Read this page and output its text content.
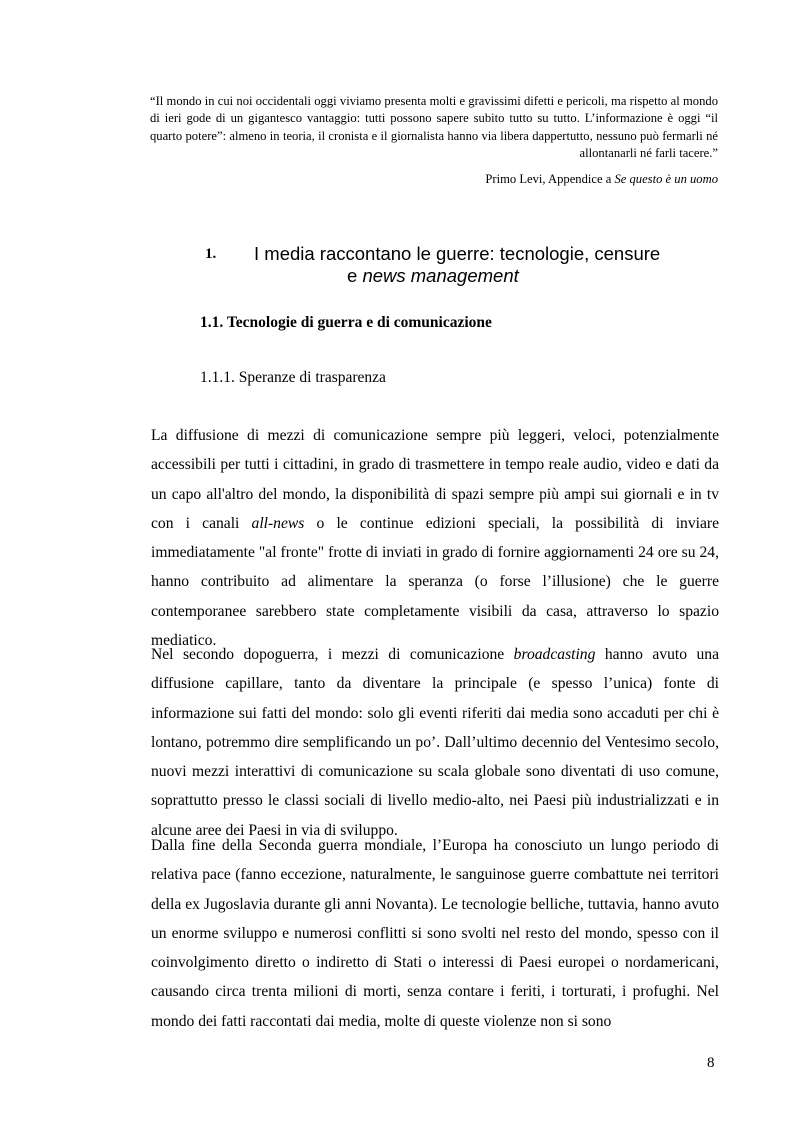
“Il mondo in cui noi occidentali oggi viviamo presenta molti e gravissimi difetti e pericoli, ma rispetto al mondo di ieri gode di un gigantesco vantaggio: tutti possono sapere subito tutto su tutto. L’informazione è oggi “il quarto potere”: almeno in teoria, il cronista e il giornalista hanno via libera dappertutto, nessuno può fermarli né allontanarli né farli tacere.”
Primo Levi, Appendice a Se questo è un uomo
1. I media raccontano le guerre: tecnologie, censure
e news management
1.1. Tecnologie di guerra e di comunicazione
1.1.1. Speranze di trasparenza
La diffusione di mezzi di comunicazione sempre più leggeri, veloci, potenzialmente accessibili per tutti i cittadini, in grado di trasmettere in tempo reale audio, video e dati da un capo all'altro del mondo, la disponibilità di spazi sempre più ampi sui giornali e in tv con i canali all-news o le continue edizioni speciali, la possibilità di inviare immediatamente "al fronte" frotte di inviati in grado di fornire aggiornamenti 24 ore su 24, hanno contribuito ad alimentare la speranza (o forse l’illusione) che le guerre contemporanee sarebbero state completamente visibili da casa, attraverso lo spazio mediatico.
Nel secondo dopoguerra, i mezzi di comunicazione broadcasting hanno avuto una diffusione capillare, tanto da diventare la principale (e spesso l’unica) fonte di informazione sui fatti del mondo: solo gli eventi riferiti dai media sono accaduti per chi è lontano, potremmo dire semplificando un po’. Dall’ultimo decennio del Ventesimo secolo, nuovi mezzi interattivi di comunicazione su scala globale sono diventati di uso comune, soprattutto presso le classi sociali di livello medio-alto, nei Paesi più industrializzati e in alcune aree dei Paesi in via di sviluppo.
Dalla fine della Seconda guerra mondiale, l’Europa ha conosciuto un lungo periodo di relativa pace (fanno eccezione, naturalmente, le sanguinose guerre combattute nei territori della ex Jugoslavia durante gli anni Novanta). Le tecnologie belliche, tuttavia, hanno avuto un enorme sviluppo e numerosi conflitti si sono svolti nel resto del mondo, spesso con il coinvolgimento diretto o indiretto di Stati o interessi di Paesi europei o nordamericani, causando circa trenta milioni di morti, senza contare i feriti, i torturati, i profughi. Nel mondo dei fatti raccontati dai media, molte di queste violenze non si sono
8
